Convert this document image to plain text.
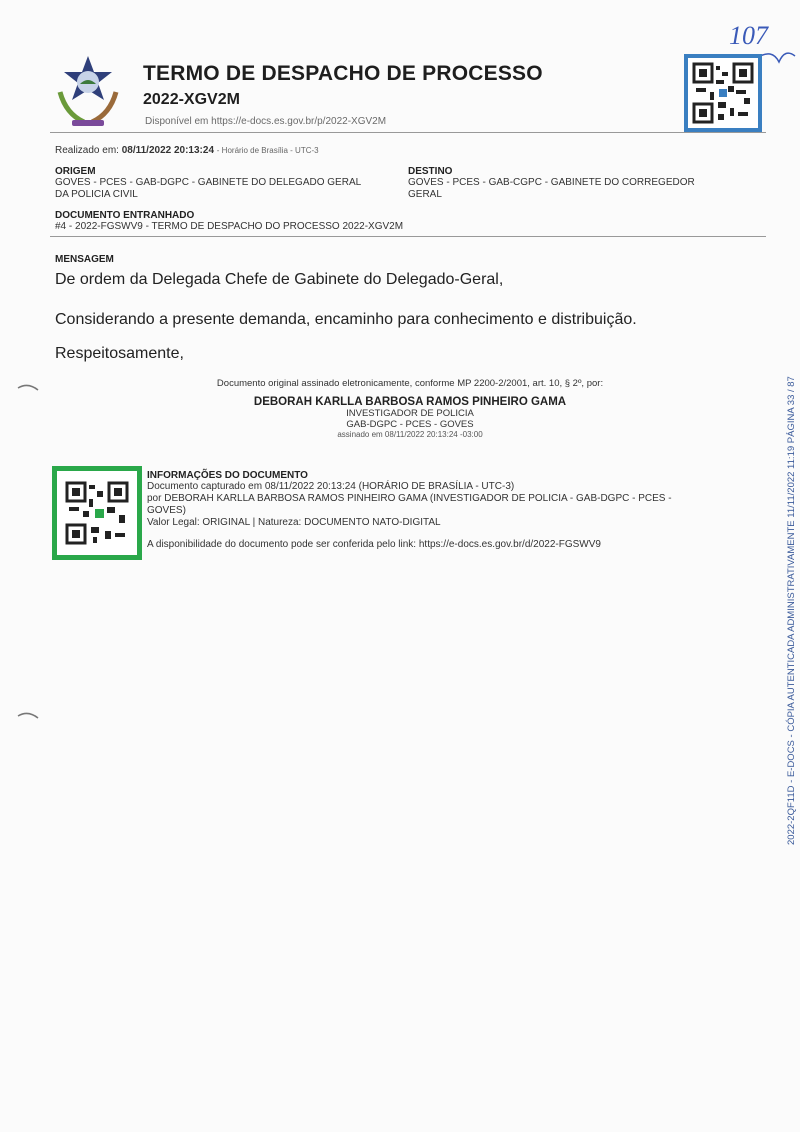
TERMO DE DESPACHO DE PROCESSO
2022-XGV2M
Disponível em https://e-docs.es.gov.br/p/2022-XGV2M
107
Realizado em: 08/11/2022 20:13:24 - Horário de Brasília - UTC-3
ORIGEM
GOVES - PCES - GAB-DGPC - GABINETE DO DELEGADO GERAL
DA POLICIA CIVIL
DESTINO
GOVES - PCES - GAB-CGPC - GABINETE DO CORREGEDOR
GERAL
DOCUMENTO ENTRANHADO
#4 - 2022-FGSWV9 - TERMO DE DESPACHO DO PROCESSO 2022-XGV2M
MENSAGEM
De ordem da Delegada Chefe de Gabinete do Delegado-Geral,
Considerando a presente demanda, encaminho para conhecimento e distribuição.
Respeitosamente,
Documento original assinado eletronicamente, conforme MP 2200-2/2001, art. 10, § 2º, por:
DEBORAH KARLLA BARBOSA RAMOS PINHEIRO GAMA
INVESTIGADOR DE POLICIA
GAB-DGPC - PCES - GOVES
assinado em 08/11/2022 20:13:24 -03:00
INFORMAÇÕES DO DOCUMENTO
Documento capturado em 08/11/2022 20:13:24 (HORÁRIO DE BRASÍLIA - UTC-3)
por DEBORAH KARLLA BARBOSA RAMOS PINHEIRO GAMA (INVESTIGADOR DE POLICIA - GAB-DGPC - PCES -
GOVES)
Valor Legal: ORIGINAL | Natureza: DOCUMENTO NATO-DIGITAL
A disponibilidade do documento pode ser conferida pelo link: https://e-docs.es.gov.br/d/2022-FGSWV9	2022-2QF11D - E-DOCS - CÓPIA AUTENTICADA ADMINISTRATIVAMENTE 11/11/2022 11:19 PÁGINA 33 / 87
